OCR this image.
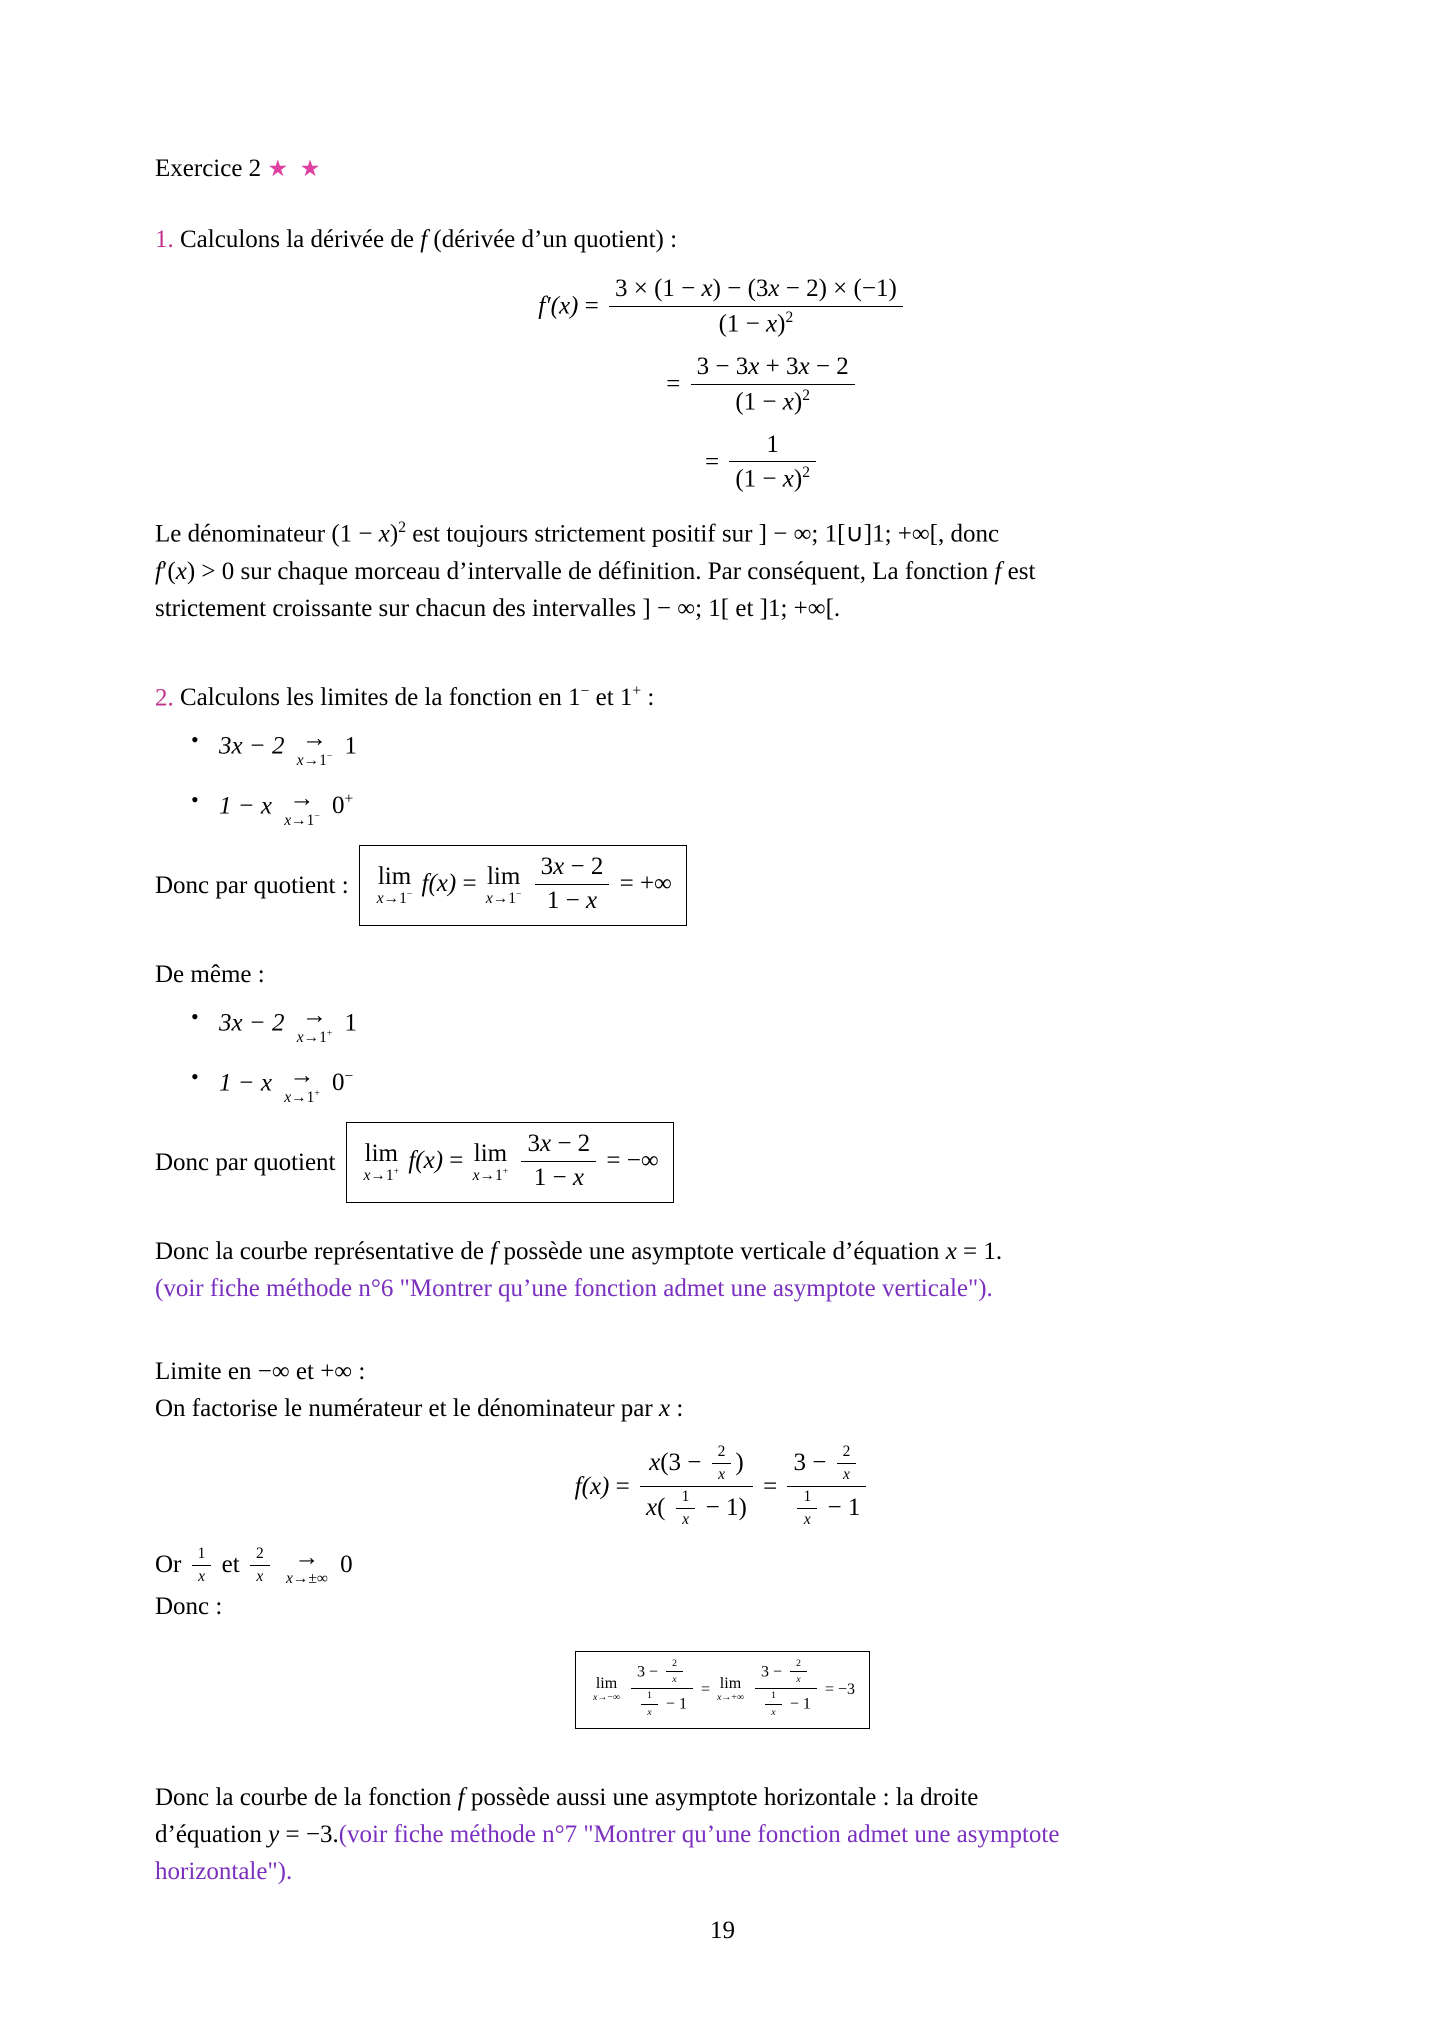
Exercice 2 ★ ★
1. Calculons la dérivée de f (dérivée d’un quotient) :
$f'(x) = \frac{3 \times (1 - x) - (3x - 2) \times (-1)}{(1 - x)^2}$
= $\frac{3 - 3x + 3x - 2}{(1 - x)^2}$
= $\frac{1}{(1 - x)^2}$
Le dénominateur $(1 - x)^2$ est toujours strictement positif sur ] − ∞; 1[∪]1; +∞[, donc
f′(x) > 0 sur chaque morceau d’intervalle de définition. Par conséquent, La fonction f est
strictement croissante sur chacun des intervalles ] − ∞; 1[ et ]1; +∞[.
2. Calculons les limites de la fonction en 1− et 1+ :
• 3x − 2 →
x→1− 1
• 1 − x →
x→1− 0+
Donc par quotient : lim
x→1− f(x) = lim
x→1−
$\frac{3x - 2}{1 - x}$ = +∞
De même :
• 3x − 2 →
x→1+ 1
• 1 − x →
x→1+ 0−
Donc par quotient lim
x→1+ f(x) = lim
x→1+
$\frac{3x - 2}{1 - x}$ = −∞
Donc la courbe représentative de f possède une asymptote verticale d’équation x = 1.
(voir fiche méthode n°6 "Montrer qu’une fonction admet une asymptote verticale").
Limite en −∞ et +∞ :
On factorise le numérateur et le dénominateur par x :
f(x) =
$x(3 - \frac{2}{x}$ )
$x( \frac{1}{x} - 1)$
= $\frac{3 - \frac{2}{x}}{\frac{1}{x} - 1}$
Or $\frac{1}{x}$ et $\frac{2}{x}$
→
x→±∞
0
Donc :
lim
x→−∞
$\frac{3 - \frac{2}{x}}{\frac{1}{x} - 1} = \lim$
x→+∞
$\frac{3 - \frac{2}{x}}{\frac{1}{x} - 1} = -3$
Donc la courbe de la fonction f possède aussi une asymptote horizontale : la droite
d’équation y = −3.(voir fiche méthode n°7 "Montrer qu’une fonction admet une asymptote
horizontale").
19
